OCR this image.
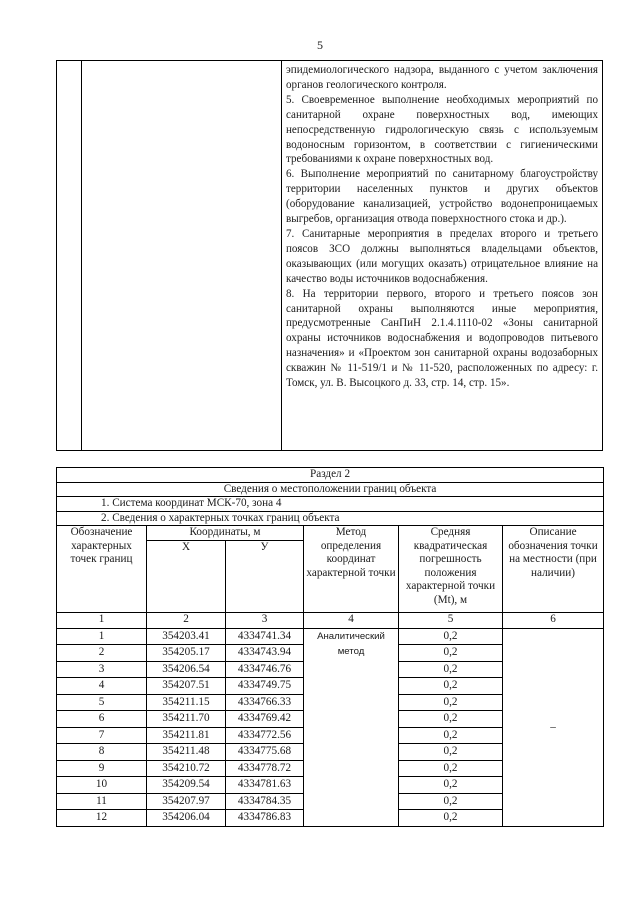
5

эпидемиологического надзора, выданного с учетом заключения органов геологического контроля.

5. Своевременное выполнение необходимых мероприятий по санитарной охране поверхностных вод, имеющих непосредственную гидрологическую связь с используемым водоносным горизонтом, в соответствии с гигиеническими требованиями к охране поверхностных вод.

6. Выполнение мероприятий по санитарному благоустройству территории населенных пунктов и других объектов (оборудование канализацией, устройство водонепроницаемых выгребов, организация отвода поверхностного стока и др.).

7. Санитарные мероприятия в пределах второго и третьего поясов ЗСО должны выполняться владельцами объектов, оказывающих (или могущих оказать) отрицательное влияние на качество воды источников водоснабжения.

8. На территории первого, второго и третьего поясов зон санитарной охраны выполняются иные мероприятия, предусмотренные СанПиН 2.1.4.1110-02 «Зоны санитарной охраны источников водоснабжения и водопроводов питьевого назначения» и «Проектом зон санитарной охраны водозаборных скважин № 11-519/1 и № 11-520, расположенных по адресу: г. Томск, ул. В. Высоцкого д. 33, стр. 14, стр. 15».

Раздел 2					
Сведения о местоположении границ объекта					
1. Система координат МСК-70, зона 4					
2. Сведения о характерных точках границ объекта					
Обозначение характерных точек границ	Координаты, м		Метод определения координат характерной точки	Средняя квадратическая погрешность положения характерной точки (Mt), м	Описание обозначения точки на местности (при наличии)
	X	У			
1	2	3	4	5	6
1	354203.41	4334741.34	Аналитический метод	0,2	–
2	354205.17	4334743.94		0,2	
3	354206.54	4334746.76		0,2	
4	354207.51	4334749.75		0,2	
5	354211.15	4334766.33		0,2	
6	354211.70	4334769.42		0,2	
7	354211.81	4334772.56		0,2	
8	354211.48	4334775.68		0,2	
9	354210.72	4334778.72		0,2	
10	354209.54	4334781.63		0,2	
11	354207.97	4334784.35		0,2	
12	354206.04	4334786.83		0,2	
